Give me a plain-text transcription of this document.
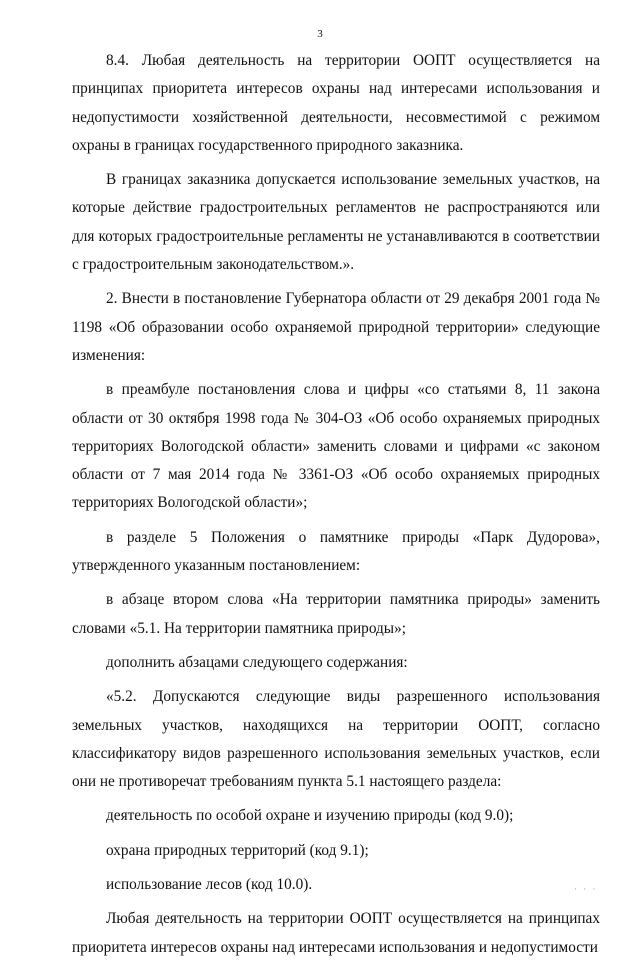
3

8.4. Любая деятельность на территории ООПТ осуществляется на принципах приоритета интересов охраны над интересами использования и недопустимости хозяйственной деятельности, несовместимой с режимом охраны в границах государственного природного заказника.

В границах заказника допускается использование земельных участков, на которые действие градостроительных регламентов не распространяются или для которых градостроительные регламенты не устанавливаются в соответствии с градостроительным законодательством.».

2. Внести в постановление Губернатора области от 29 декабря 2001 года № 1198 «Об образовании особо охраняемой природной территории» следующие изменения:

в преамбуле постановления слова и цифры «со статьями 8, 11 закона области от 30 октября 1998 года № 304-ОЗ «Об особо охраняемых природных территориях Вологодской области» заменить словами и цифрами «с законом области от 7 мая 2014 года № 3361-ОЗ «Об особо охраняемых природных территориях Вологодской области»;

в разделе 5 Положения о памятнике природы «Парк Дудорова», утвержденного указанным постановлением:

в абзаце втором слова «На территории памятника природы» заменить словами «5.1. На территории памятника природы»;

дополнить абзацами следующего содержания:

«5.2. Допускаются следующие виды разрешенного использования земельных участков, находящихся на территории ООПТ, согласно классификатору видов разрешенного использования земельных участков, если они не противоречат требованиям пункта 5.1 настоящего раздела:

деятельность по особой охране и изучению природы (код 9.0);

охрана природных территорий (код 9.1);

использование лесов (код 10.0).

Любая деятельность на территории ООПТ осуществляется на принципах приоритета интересов охраны над интересами использования и недопустимости

· · ·
